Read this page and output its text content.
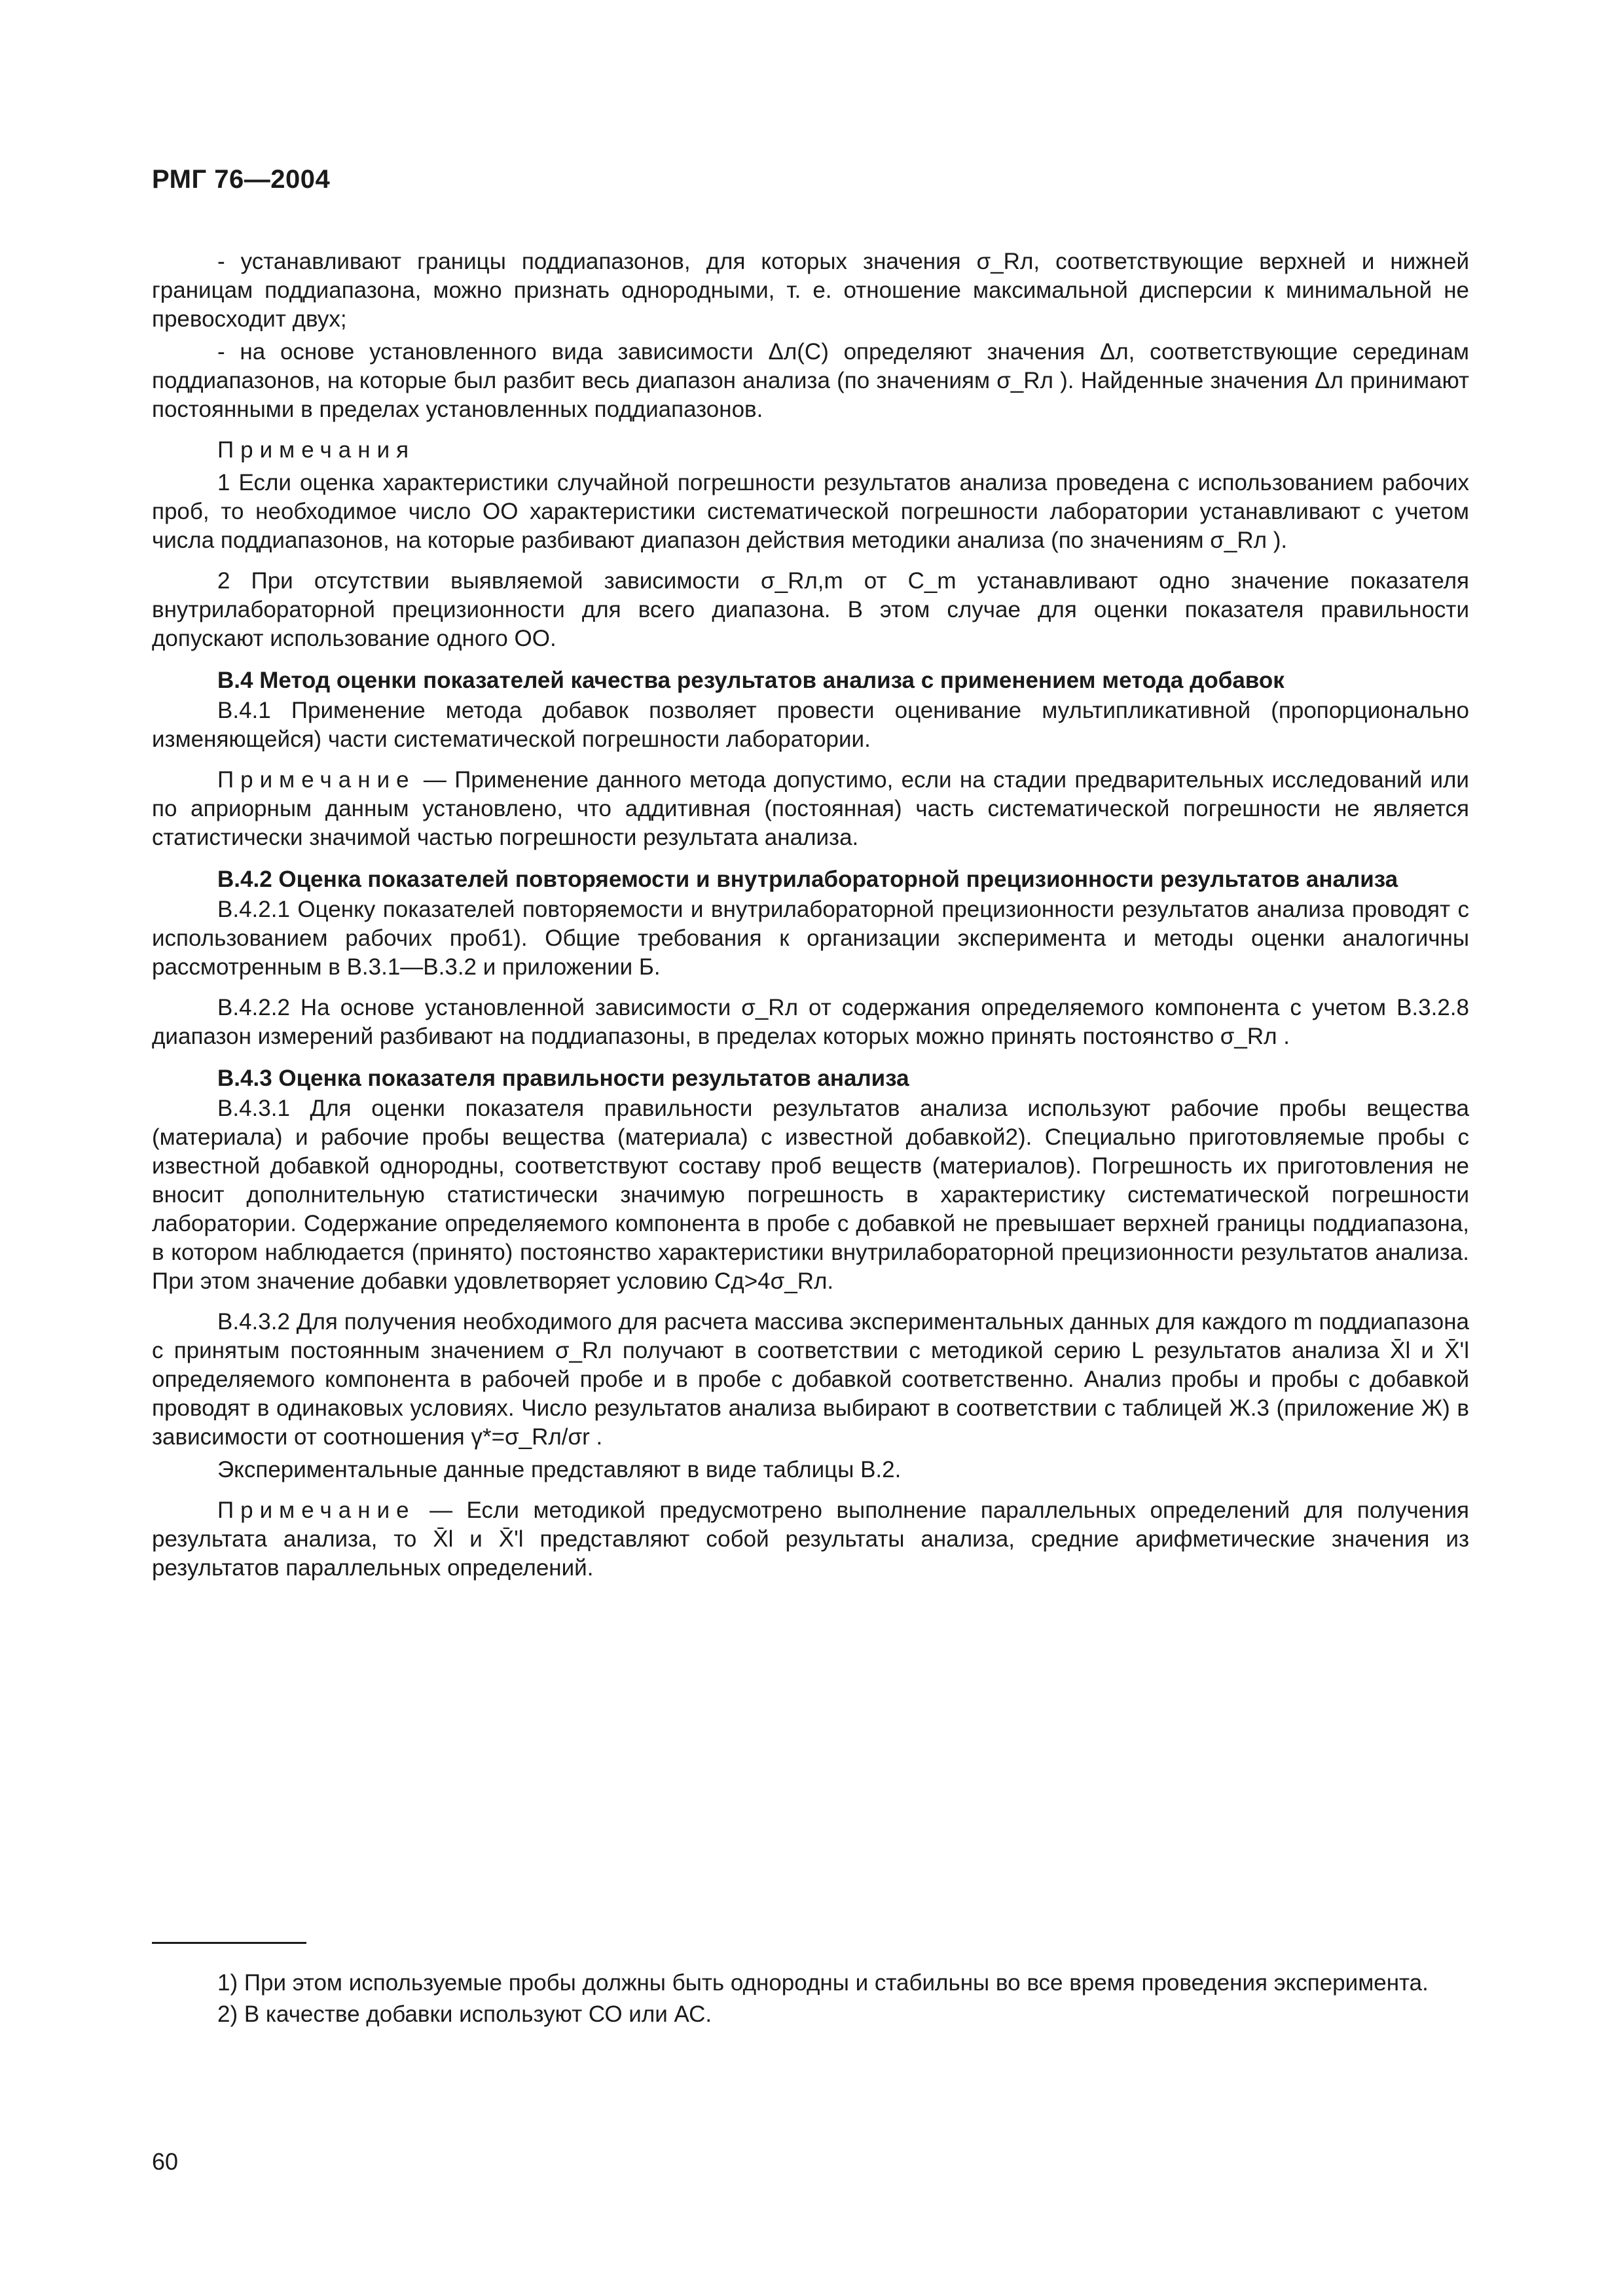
РМГ 76—2004

- устанавливают границы поддиапазонов, для которых значения σ_Rл, соответствующие верхней и нижней границам поддиапазона, можно признать однородными, т. е. отношение максимальной дисперсии к минимальной не превосходит двух;

- на основе установленного вида зависимости Δл(C) определяют значения Δл, соответствующие серединам поддиапазонов, на которые был разбит весь диапазон анализа (по значениям σ_Rл ). Найденные значения Δл принимают постоянными в пределах установленных поддиапазонов.

Примечания

1 Если оценка характеристики случайной погрешности результатов анализа проведена с использованием рабочих проб, то необходимое число ОО характеристики систематической погрешности лаборатории устанавливают с учетом числа поддиапазонов, на которые разбивают диапазон действия методики анализа (по значениям σ_Rл ).

2 При отсутствии выявляемой зависимости σ_Rл,m от C_m устанавливают одно значение показателя внутрилабораторной прецизионности для всего диапазона. В этом случае для оценки показателя правильности допускают использование одного ОО.

В.4 Метод оценки показателей качества результатов анализа с применением метода добавок

В.4.1 Применение метода добавок позволяет провести оценивание мультипликативной (пропорционально изменяющейся) части систематической погрешности лаборатории.

Примечание — Применение данного метода допустимо, если на стадии предварительных исследований или по априорным данным установлено, что аддитивная (постоянная) часть систематической погрешности не является статистически значимой частью погрешности результата анализа.

В.4.2 Оценка показателей повторяемости и внутрилабораторной прецизионности результатов анализа

В.4.2.1 Оценку показателей повторяемости и внутрилабораторной прецизионности результатов анализа проводят с использованием рабочих проб1). Общие требования к организации эксперимента и методы оценки аналогичны рассмотренным в В.3.1—В.3.2 и приложении Б.

В.4.2.2 На основе установленной зависимости σ_Rл от содержания определяемого компонента с учетом В.3.2.8 диапазон измерений разбивают на поддиапазоны, в пределах которых можно принять постоянство σ_Rл .

В.4.3 Оценка показателя правильности результатов анализа

В.4.3.1 Для оценки показателя правильности результатов анализа используют рабочие пробы вещества (материала) и рабочие пробы вещества (материала) с известной добавкой2). Специально приготовляемые пробы с известной добавкой однородны, соответствуют составу проб веществ (материалов). Погрешность их приготовления не вносит дополнительную статистически значимую погрешность в характеристику систематической погрешности лаборатории. Содержание определяемого компонента в пробе с добавкой не превышает верхней границы поддиапазона, в котором наблюдается (принято) постоянство характеристики внутрилабораторной прецизионности результатов анализа. При этом значение добавки удовлетворяет условию Cд>4σ_Rл.

В.4.3.2 Для получения необходимого для расчета массива экспериментальных данных для каждого m поддиапазона с принятым постоянным значением σ_Rл получают в соответствии с методикой серию L результатов анализа X̄l и X̄'l определяемого компонента в рабочей пробе и в пробе с добавкой соответственно. Анализ пробы и пробы с добавкой проводят в одинаковых условиях. Число результатов анализа выбирают в соответствии с таблицей Ж.3 (приложение Ж) в зависимости от соотношения γ*=σ_Rл/σr .

Экспериментальные данные представляют в виде таблицы В.2.

Примечание — Если методикой предусмотрено выполнение параллельных определений для получения результата анализа, то X̄l и X̄'l представляют собой результаты анализа, средние арифметические значения из результатов параллельных определений.

1) При этом используемые пробы должны быть однородны и стабильны во все время проведения эксперимента.

2) В качестве добавки используют СО или АС.

60
